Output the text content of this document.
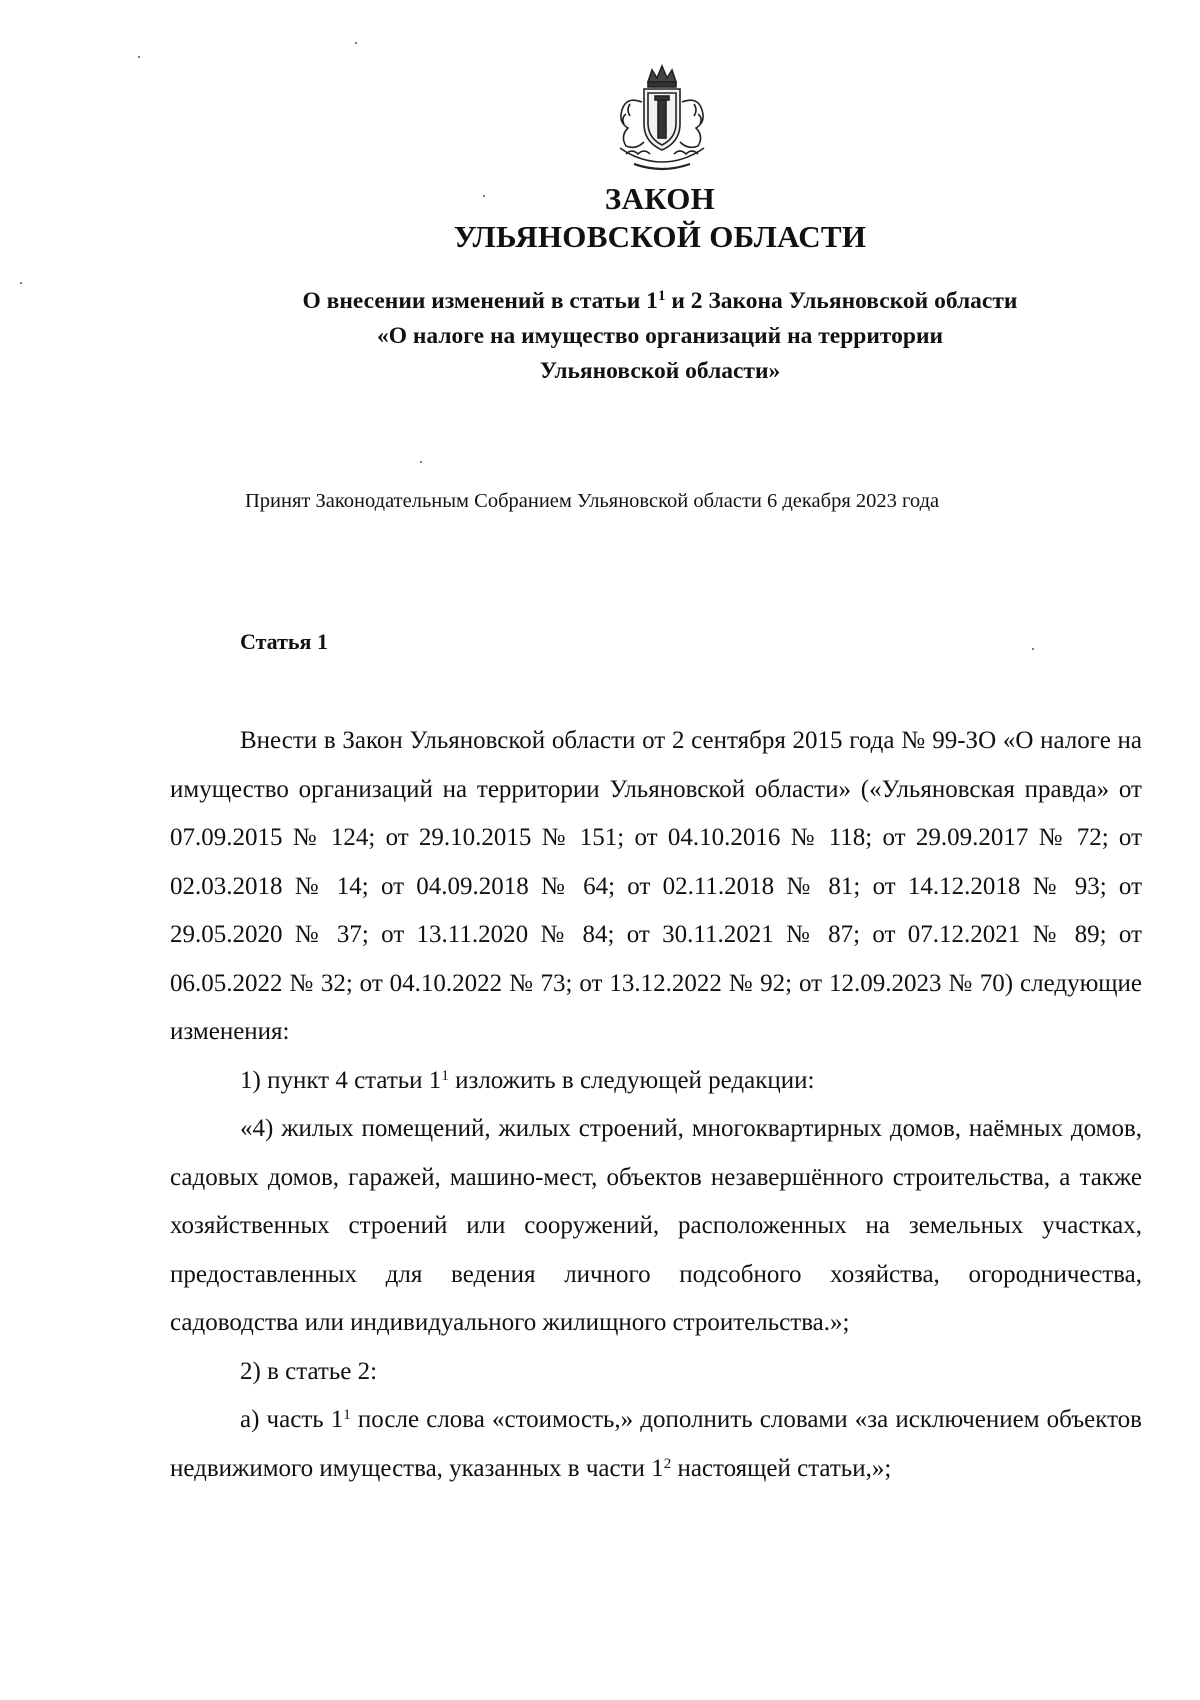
ЗАКОН
УЛЬЯНОВСКОЙ ОБЛАСТИ
О внесении изменений в статьи $1^1$ и 2 Закона Ульяновской области
«О налоге на имущество организаций на территории
Ульяновской области»
Принят Законодательным Собранием Ульяновской области 6 декабря 2023 года
Статья 1

Внести в Закон Ульяновской области от 2 сентября 2015 года № 99-ЗО «О налоге на имущество организаций на территории Ульяновской области» («Ульяновская правда» от 07.09.2015 № 124; от 29.10.2015 № 151; от 04.10.2016 № 118; от 29.09.2017 № 72; от 02.03.2018 № 14; от 04.09.2018 № 64; от 02.11.2018 № 81; от 14.12.2018 № 93; от 29.05.2020 № 37; от 13.11.2020 № 84; от 30.11.2021 № 87; от 07.12.2021 № 89; от 06.05.2022 № 32; от 04.10.2022 № 73; от 13.12.2022 № 92; от 12.09.2023 № 70) следующие изменения:

1) пункт 4 статьи $1^1$ изложить в следующей редакции:

«4) жилых помещений, жилых строений, многоквартирных домов, наёмных домов, садовых домов, гаражей, машино-мест, объектов незавершённого строительства, а также хозяйственных строений или сооружений, расположенных на земельных участках, предоставленных для ведения личного подсобного хозяйства, огородничества, садоводства или индивидуального жилищного строительства.»;

2) в статье 2:

а) часть $1^1$ после слова «стоимость,» дополнить словами «за исключением объектов недвижимого имущества, указанных в части $1^2$ настоящей статьи,»;
